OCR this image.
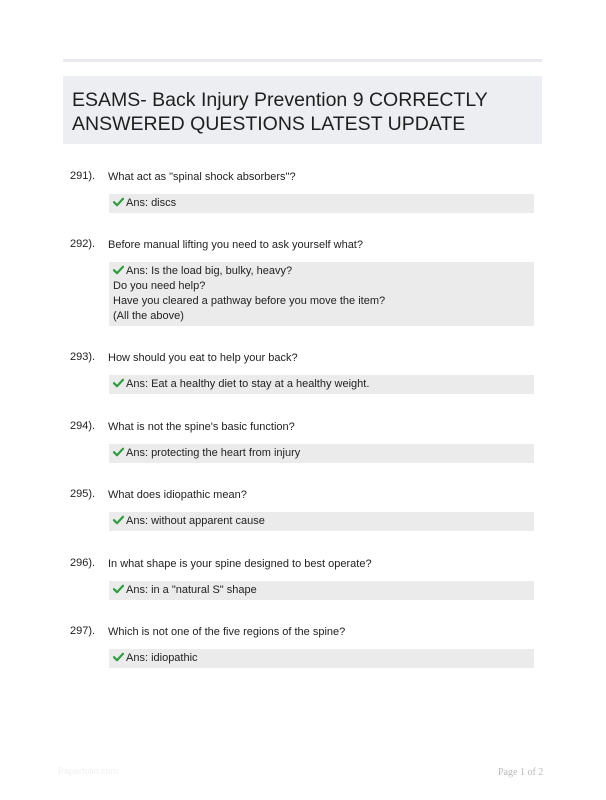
ESAMS- Back Injury Prevention 9 CORRECTLY ANSWERED QUESTIONS LATEST UPDATE
291). What act as "spinal shock absorbers"?
Ans: discs
292). Before manual lifting you need to ask yourself what?
Ans: Is the load big, bulky, heavy?
Do you need help?
Have you cleared a pathway before you move the item?
(All the above)
293). How should you eat to help your back?
Ans: Eat a healthy diet to stay at a healthy weight.
294). What is not the spine's basic function?
Ans: protecting the heart from injury
295). What does idiopathic mean?
Ans: without apparent cause
296). In what shape is your spine designed to best operate?
Ans: in a "natural S" shape
297). Which is not one of the five regions of the spine?
Ans: idiopathic
Paperfolio.com	Page 1 of 2
